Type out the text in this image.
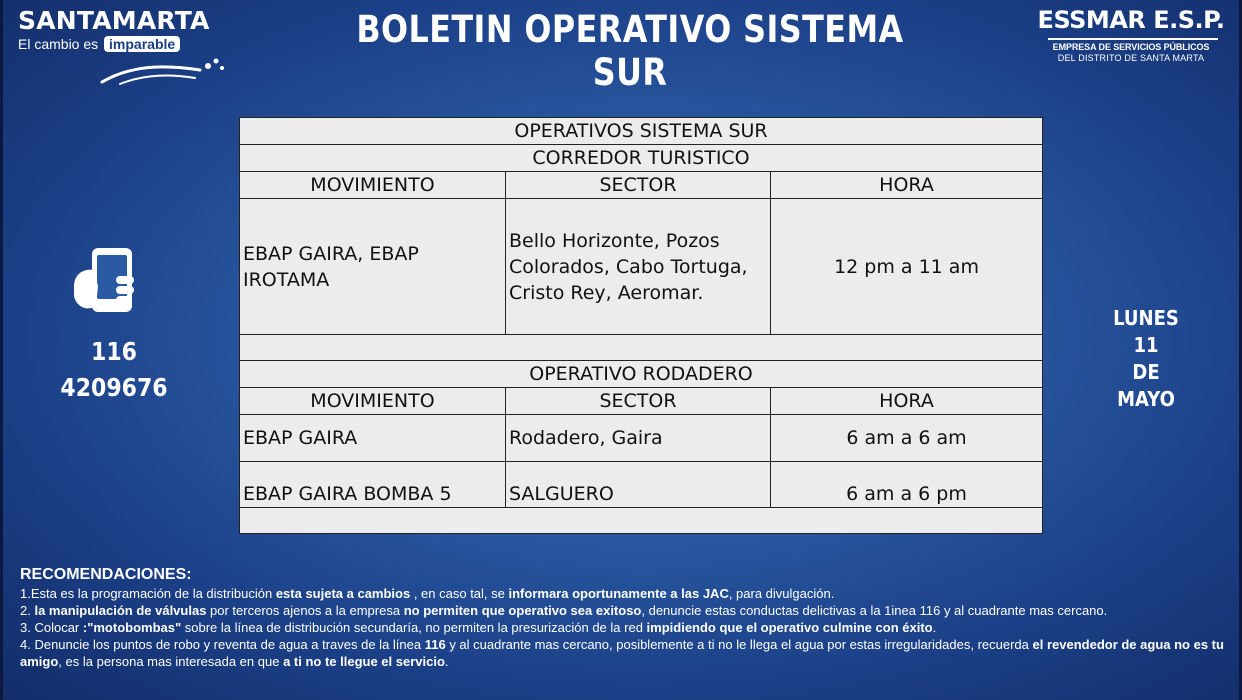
SANTAMARTA
El cambio es imparable	BOLETIN OPERATIVO SISTEMA SUR
ESSMAR E.S.P.
EMPRESA DE SERVICIOS PÚBLICOS
DEL DISTRITO DE SANTA MARTA
116
4209676
LUNES
11
DE MAYO
OPERATIVOS SISTEMA SUR		
CORREDOR TURISTICO		
MOVIMIENTO	SECTOR	HORA
EBAP GAIRA, EBAP IROTAMA	Bello Horizonte, Pozos Colorados, Cabo Tortuga, Cristo Rey, Aeromar.	12 pm a 11 am

OPERATIVO RODADERO		
MOVIMIENTO	SECTOR	HORA
EBAP GAIRA	Rodadero, Gaira	6 am a 6 am
EBAP GAIRA BOMBA 5	SALGUERO	6 am a 6 pm

RECOMENDACIONES:

1.Esta es la programación de la distribución esta sujeta a cambios , en caso tal, se informara oportunamente a las JAC, para divulgación.

2. la manipulación de válvulas por terceros ajenos a la empresa no permiten que operativo sea exitoso, denuncie estas conductas delictivas a la 1inea 116 y al cuadrante mas cercano.

3. Colocar :"motobombas" sobre la línea de distribución secundaría, no permiten la presurización de la red impidiendo que el operativo culmine con éxito.

4. Denuncie los puntos de robo y reventa de agua a traves de la línea 116 y al cuadrante mas cercano, posiblemente a ti no le llega el agua por estas irregularidades, recuerda el revendedor de agua no es tu amigo, es la persona mas interesada en que a ti no te llegue el servicio.
